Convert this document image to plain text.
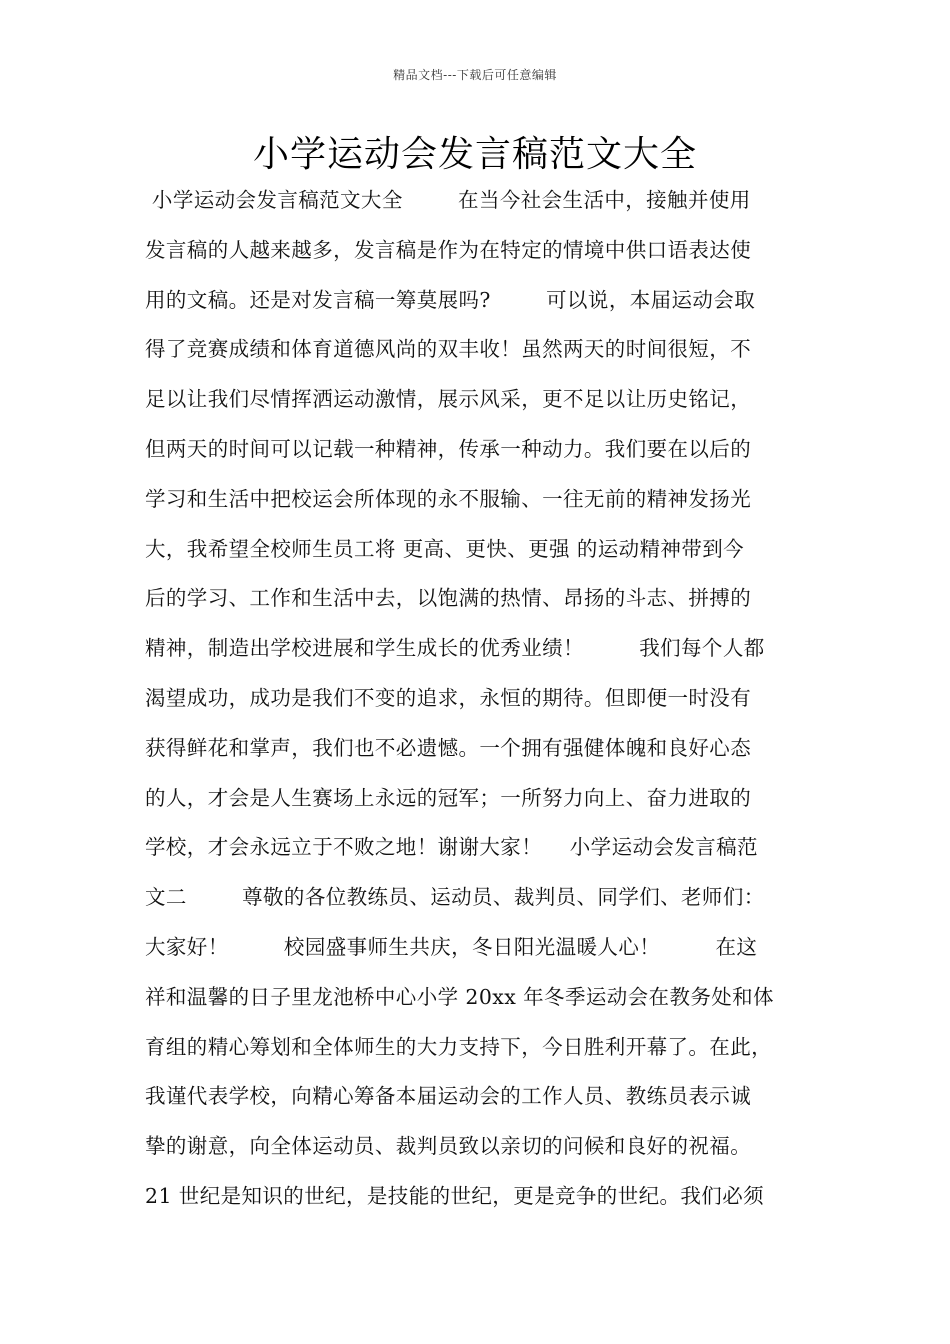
精品文档---下载后可任意编辑
小学运动会发言稿范文大全
小学运动会发言稿范文大全        在当今社会生活中，接触并使用
发言稿的人越来越多，发言稿是作为在特定的情境中供口语表达使
用的文稿。还是对发言稿一筹莫展吗?        可以说，本届运动会取
得了竞赛成绩和体育道德风尚的双丰收！虽然两天的时间很短，不
足以让我们尽情挥洒运动激情，展示风采，更不足以让历史铭记，
但两天的时间可以记载一种精神，传承一种动力。我们要在以后的
学习和生活中把校运会所体现的永不服输、一往无前的精神发扬光
大，我希望全校师生员工将 更高、更快、更强 的运动精神带到今
后的学习、工作和生活中去，以饱满的热情、昂扬的斗志、拼搏的
精神，制造出学校进展和学生成长的优秀业绩！        我们每个人都
渴望成功，成功是我们不变的追求，永恒的期待。但即便一时没有
获得鲜花和掌声，我们也不必遗憾。一个拥有强健体魄和良好心态
的人，才会是人生赛场上永远的冠军；一所努力向上、奋力进取的
学校，才会永远立于不败之地！谢谢大家！    小学运动会发言稿范
文二        尊敬的各位教练员、运动员、裁判员、同学们、老师们：
大家好！        校园盛事师生共庆，冬日阳光温暖人心！        在这
祥和温馨的日子里龙池桥中心小学 20xx 年冬季运动会在教务处和体
育组的精心筹划和全体师生的大力支持下，今日胜利开幕了。在此，
我谨代表学校，向精心筹备本届运动会的工作人员、教练员表示诚
挚的谢意，向全体运动员、裁判员致以亲切的问候和良好的祝福。
21 世纪是知识的世纪，是技能的世纪，更是竞争的世纪。我们必须
